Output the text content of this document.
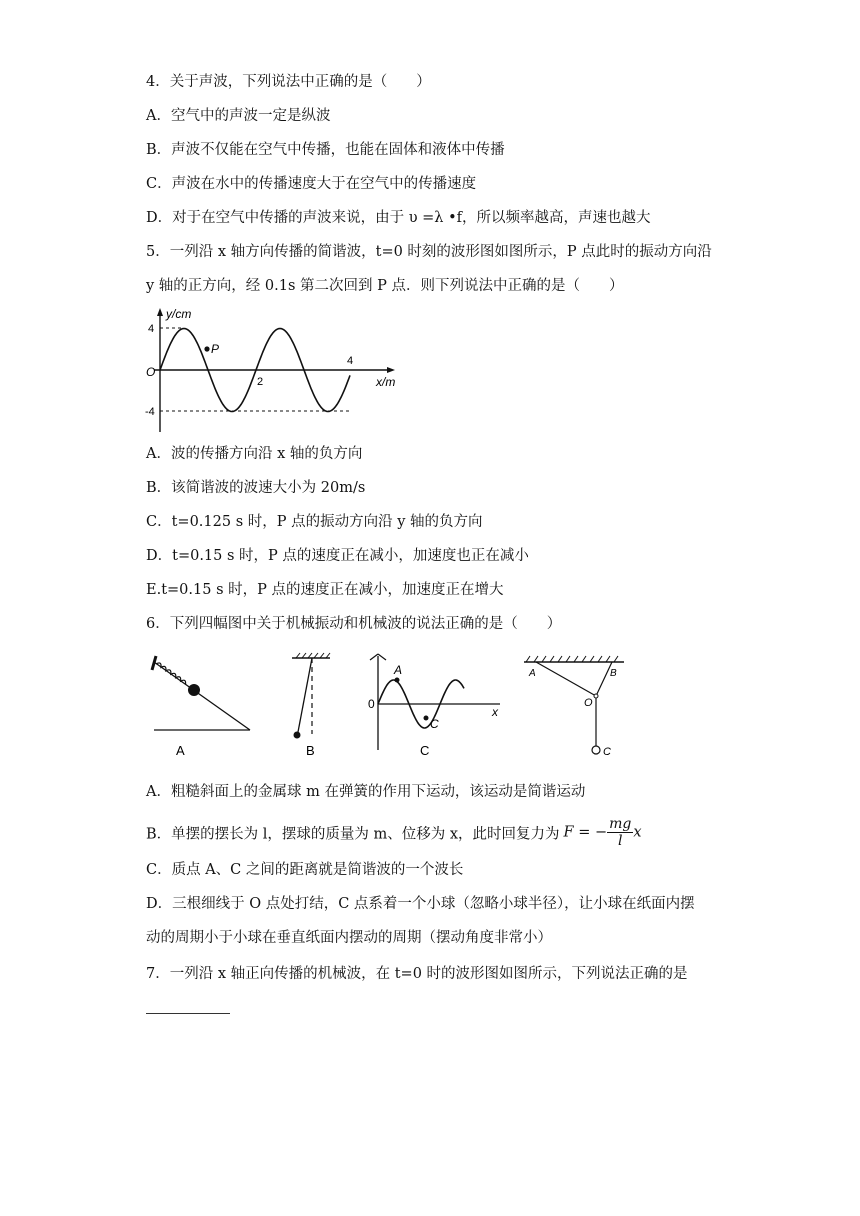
4．关于声波，下列说法中正确的是（　　）
A．空气中的声波一定是纵波
B．声波不仅能在空气中传播，也能在固体和液体中传播
C．声波在水中的传播速度大于在空气中的传播速度
D．对于在空气中传播的声波来说，由于 υ =λ •f，所以频率越高，声速也越大
5．一列沿 x 轴方向传播的简谐波，t=0 时刻的波形图如图所示，P 点此时的振动方向沿
y 轴的正方向，经 0.1s 第二次回到 P 点．则下列说法中正确的是（　　）
y/cm
x/m
O
P
4
-4
2
4
A．波的传播方向沿 x 轴的负方向
B．该简谐波的波速大小为 20m/s
C．t=0.125 s 时，P 点的振动方向沿 y 轴的负方向
D．t=0.15 s 时，P 点的速度正在减小，加速度也正在减小
E.t=0.15 s 时，P 点的速度正在减小，加速度正在增大
6．下列四幅图中关于机械振动和机械波的说法正确的是（　　）
A	B
A
C
0
x
C
A	B
O
C
A．粗糙斜面上的金属球 m 在弹簧的作用下运动，该运动是简谐运动
B．单摆的摆长为 l，摆球的质量为 m、位移为 x，此时回复力为 F = − $\frac{mg}{l}$ x
C．质点 A、C 之间的距离就是简谐波的一个波长
D．三根细线于 O 点处打结，C 点系着一个小球（忽略小球半径），让小球在纸面内摆
动的周期小于小球在垂直纸面内摆动的周期（摆动角度非常小）
7．一列沿 x 轴正向传播的机械波，在 t=0 时的波形图如图所示，下列说法正确的是
